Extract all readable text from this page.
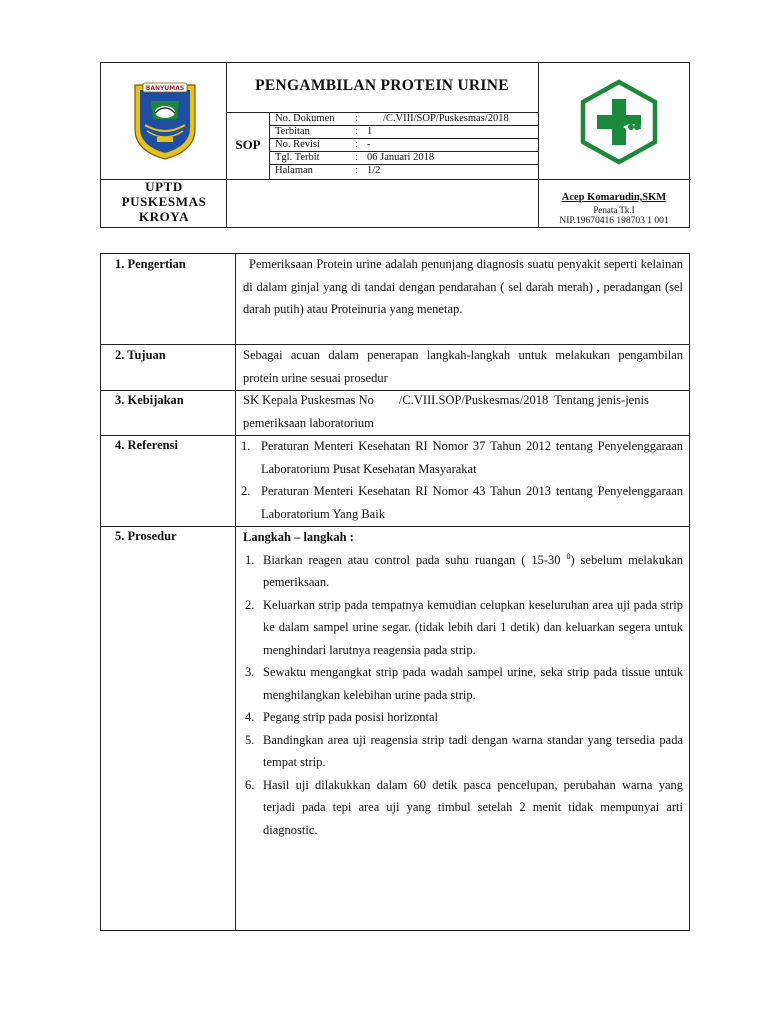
BANYUMAS	PENGAMBILAN PROTEIN URINE
SOP
No. Dokumen : /C.VIII/SOP/Puskesmas/2018
Terbitan	: 1
No. Revisi	: -
Tgl. Terbit	: 06 Januari 2018
Halaman	: 1/2
UPTD
PUSKESMAS
KROYA
Acep Komarudin,SKM
Penata Tk.I
NIP.19670416 198703 1 001
1. Pengertian	Pemeriksaan Protein urine adalah penunjang diagnosis suatu penyakit seperti kelainan di dalam ginjal yang di tandai dengan pendarahan ( sel darah merah) , peradangan (sel darah putih) atau Proteinuria yang menetap.
2. Tujuan	Sebagai acuan dalam penerapan langkah-langkah untuk melakukan pengambilan protein urine sesuai prosedur
3. Kebijakan	SK Kepala Puskesmas No        /C.VIII.SOP/Puskesmas/2018  Tentang jenis-jenis pemeriksaan laboratorium
4. Referensi	1. Peraturan Menteri Kesehatan RI Nomor 37 Tahun 2012 tentang Penyelenggaraan Laboratorium Pusat Kesehatan Masyarakat
2. Peraturan Menteri Kesehatan RI Nomor 43 Tahun 2013 tentang Penyelenggaraan Laboratorium Yang Baik
5. Prosedur	Langkah – langkah :
1. Biarkan reagen atau control pada suhu ruangan ( 15-30 $^0$) sebelum melakukan pemeriksaan.
2. Keluarkan strip pada tempatnya kemudian celupkan keseluruhan area uji pada strip ke dalam sampel urine segar. (tidak lebih dari 1 detik) dan keluarkan segera untuk menghindari larutnya reagensia pada strip.
3. Sewaktu mengangkat strip pada wadah sampel urine, seka strip pada tissue untuk menghilangkan kelebihan urine pada strip.
4. Pegang strip pada posisi horizontal
5. Bandingkan area uji reagensia strip tadi dengan warna standar yang tersedia pada tempat strip.
6. Hasil uji dilakukkan dalam 60 detik pasca pencelupan, perubahan warna yang terjadi pada tepi area uji yang timbul setelah 2 menit tidak mempunyai arti diagnostic.
